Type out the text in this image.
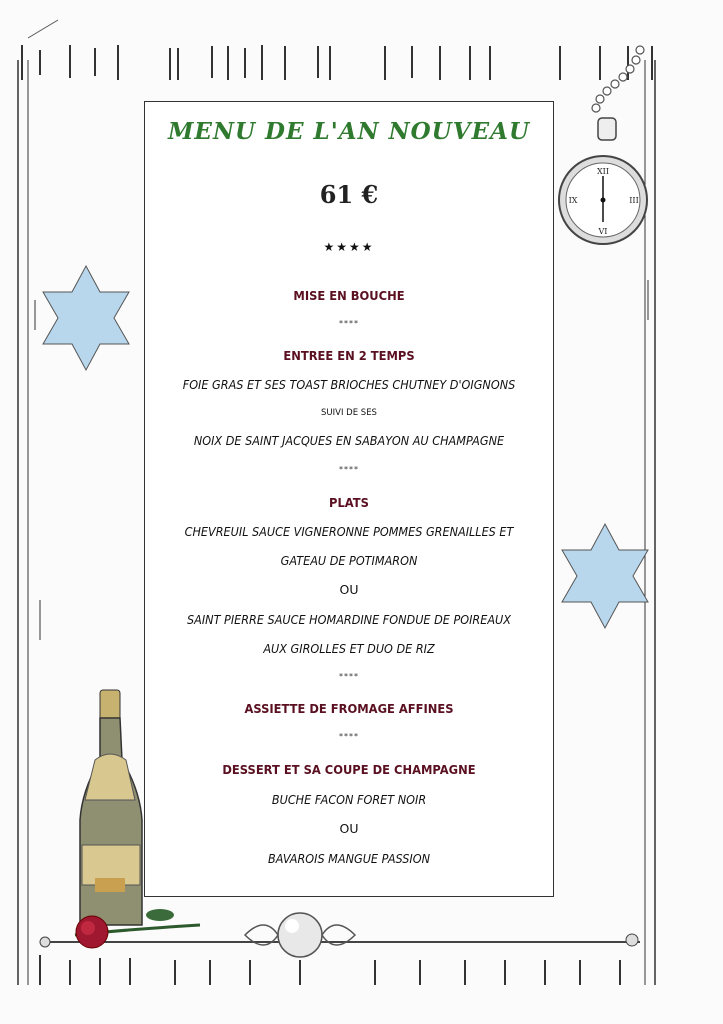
XII
III
VI
IX
MENU DE L'AN NOUVEAU
61 €
★★★★
MISE EN BOUCHE
****
ENTREE EN 2 TEMPS
FOIE GRAS ET SES TOAST BRIOCHES CHUTNEY D'OIGNONS
SUIVI DE SES
NOIX DE SAINT JACQUES EN SABAYON AU CHAMPAGNE
****
PLATS
CHEVREUIL SAUCE VIGNERONNE POMMES GRENAILLES ET
GATEAU DE POTIMARON
OU
SAINT PIERRE SAUCE HOMARDINE FONDUE DE POIREAUX
AUX GIROLLES ET DUO DE RIZ
****
ASSIETTE DE FROMAGE AFFINES
****
DESSERT ET SA COUPE DE CHAMPAGNE
BUCHE FACON FORET NOIR
OU
BAVAROIS MANGUE PASSION
